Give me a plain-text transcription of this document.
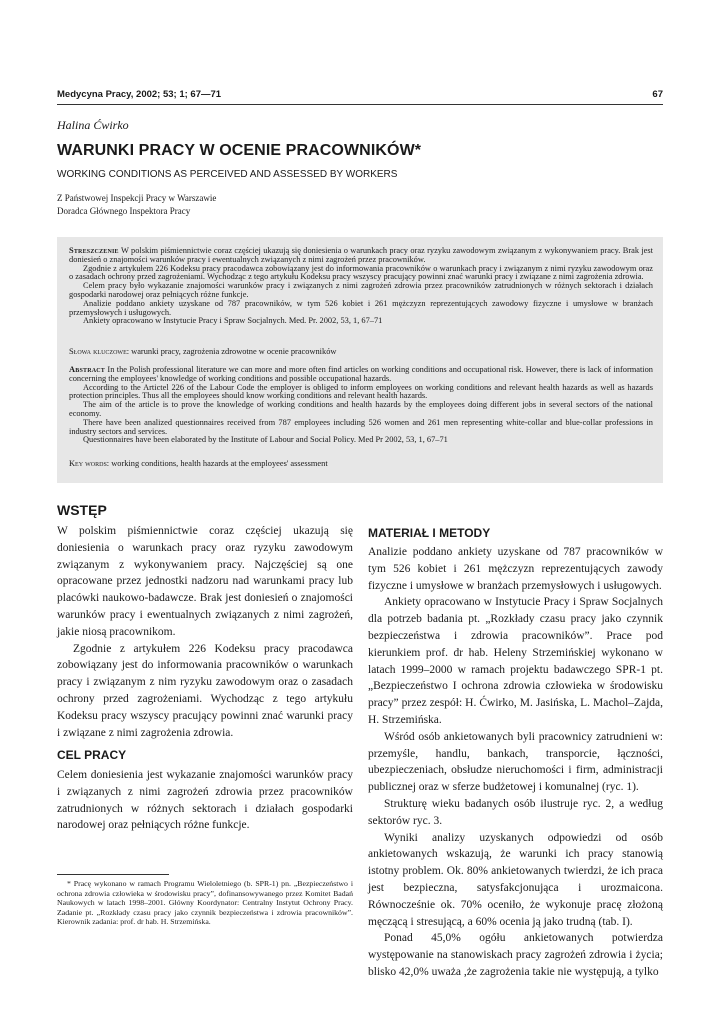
Medycyna Pracy, 2002; 53; 1; 67—71	67
Halina Ćwirko
WARUNKI PRACY W OCENIE PRACOWNIKÓW*
WORKING CONDITIONS AS PERCEIVED AND ASSESSED BY WORKERS
Z Państwowej Inspekcji Pracy w Warszawie
Doradca Głównego Inspektora Pracy

Streszczenie W polskim piśmiennictwie coraz częściej ukazują się doniesienia o warunkach pracy oraz ryzyku zawodowym związanym z wykonywaniem pracy. Brak jest doniesień o znajomości warunków pracy i ewentualnych związanych z nimi zagrożeń przez pracowników.

Zgodnie z artykułem 226 Kodeksu pracy pracodawca zobowiązany jest do informowania pracowników o warunkach pracy i związanym z nimi ryzyku zawodowym oraz o zasadach ochrony przed zagrożeniami. Wychodząc z tego artykułu Kodeksu pracy wszyscy pracujący powinni znać warunki pracy i związane z nimi zagrożenia zdrowia.

Celem pracy było wykazanie znajomości warunków pracy i związanych z nimi zagrożeń zdrowia przez pracowników zatrudnionych w różnych sektorach i działach gospodarki narodowej oraz pełniących różne funkcje.

Analizie poddano ankiety uzyskane od 787 pracowników, w tym 526 kobiet i 261 mężczyzn reprezentujących zawodowy fizyczne i umysłowe w branżach przemysłowych i usługowych.

Ankiety opracowano w Instytucie Pracy i Spraw Socjalnych. Med. Pr. 2002, 53, 1, 67–71

Słowa kluczowe: warunki pracy, zagrożenia zdrowotne w ocenie pracowników

Abstract In the Polish professional literature we can more and more often find articles on working conditions and occupational risk. However, there is lack of information concerning the employees' knowledge of working conditions and possible occupational hazards.

According to the Artictel 226 of the Labour Code the employer is obliged to inform employees on working conditions and relevant health hazards as well as hazards protection principles. Thus all the employees should know working conditions and relevant health hazards.

The aim of the article is to prove the knowledge of working conditions and health hazards by the employees doing different jobs in several sectors of the national economy.

There have been analized questionnaires received from 787 employees including 526 women and 261 men representing white-collar and blue-collar professions in industry sectors and services.

Questionnaires have been elaborated by the Institute of Labour and Social Policy. Med Pr 2002, 53, 1, 67–71

Key words: working conditions, health hazards at the employees' assessment
WSTĘP

W polskim piśmiennictwie coraz częściej ukazują się doniesienia o warunkach pracy oraz ryzyku zawodowym związanym z wykonywaniem pracy. Najczęściej są one opracowane przez jednostki nadzoru nad warunkami pracy lub placówki naukowo-badawcze. Brak jest doniesień o znajomości warunków pracy i ewentualnych związanych z nimi zagrożeń, jakie niosą pracownikom.

Zgodnie z artykułem 226 Kodeksu pracy pracodawca zobowiązany jest do informowania pracowników o warunkach pracy i związanym z nim ryzyku zawodowym oraz o zasadach ochrony przed zagrożeniami. Wychodząc z tego artykułu Kodeksu pracy wszyscy pracujący powinni znać warunki pracy i związane z nimi zagrożenia zdrowia.

CEL PRACY

Celem doniesienia jest wykazanie znajomości warunków pracy i związanych z nimi zagrożeń zdrowia przez pracowników zatrudnionych w różnych sektorach i działach gospodarki narodowej oraz pełniących różne funkcje.

* Pracę wykonano w ramach Programu Wieloletniego (b. SPR-1) pn. „Bezpieczeństwo i ochrona zdrowia człowieka w środowisku pracy”, dofinansowywanego przez Komitet Badań Naukowych w latach 1998–2001. Główny Koordynator: Centralny Instytut Ochrony Pracy. Zadanie pt. „Rozkłady czasu pracy jako czynnik bezpieczeństwa i zdrowia pracowników”. Kierownik zadania: prof. dr hab. H. Strzemińska.
MATERIAŁ I METODY

Analizie poddano ankiety uzyskane od 787 pracowników w tym 526 kobiet i 261 mężczyzn reprezentujących zawody fizyczne i umysłowe w branżach przemysłowych i usługowych.

Ankiety opracowano w Instytucie Pracy i Spraw Socjalnych dla potrzeb badania pt. „Rozkłady czasu pracy jako czynnik bezpieczeństwa i zdrowia pracowników”. Prace pod kierunkiem prof. dr hab. Heleny Strzemińskiej wykonano w latach 1999–2000 w ramach projektu badawczego SPR-1 pt. „Bezpieczeństwo I ochrona zdrowia człowieka w środowisku pracy” przez zespół: H. Ćwirko, M. Jasińska, L. Machol–Zajda, H. Strzemińska.

Wśród osób ankietowanych byli pracownicy zatrudnieni w: przemyśle, handlu, bankach, transporcie, łączności, ubezpieczeniach, obsłudze nieruchomości i firm, administracji publicznej oraz w sferze budżetowej i komunalnej (ryc. 1).

Strukturę wieku badanych osób ilustruje ryc. 2, a według sektorów ryc. 3.

Wyniki analizy uzyskanych odpowiedzi od osób ankietowanych wskazują, że warunki ich pracy stanowią istotny problem. Ok. 80% ankietowanych twierdzi, że ich praca jest bezpieczna, satysfakcjonująca i urozmaicona. Równocześnie ok. 70% oceniło, że wykonuje pracę złożoną męczącą i stresującą, a 60% ocenia ją jako trudną (tab. I).

Ponad 45,0% ogółu ankietowanych potwierdza występowanie na stanowiskach pracy zagrożeń zdrowia i życia; blisko 42,0% uważa ,że zagrożenia takie nie występują, a tylko
